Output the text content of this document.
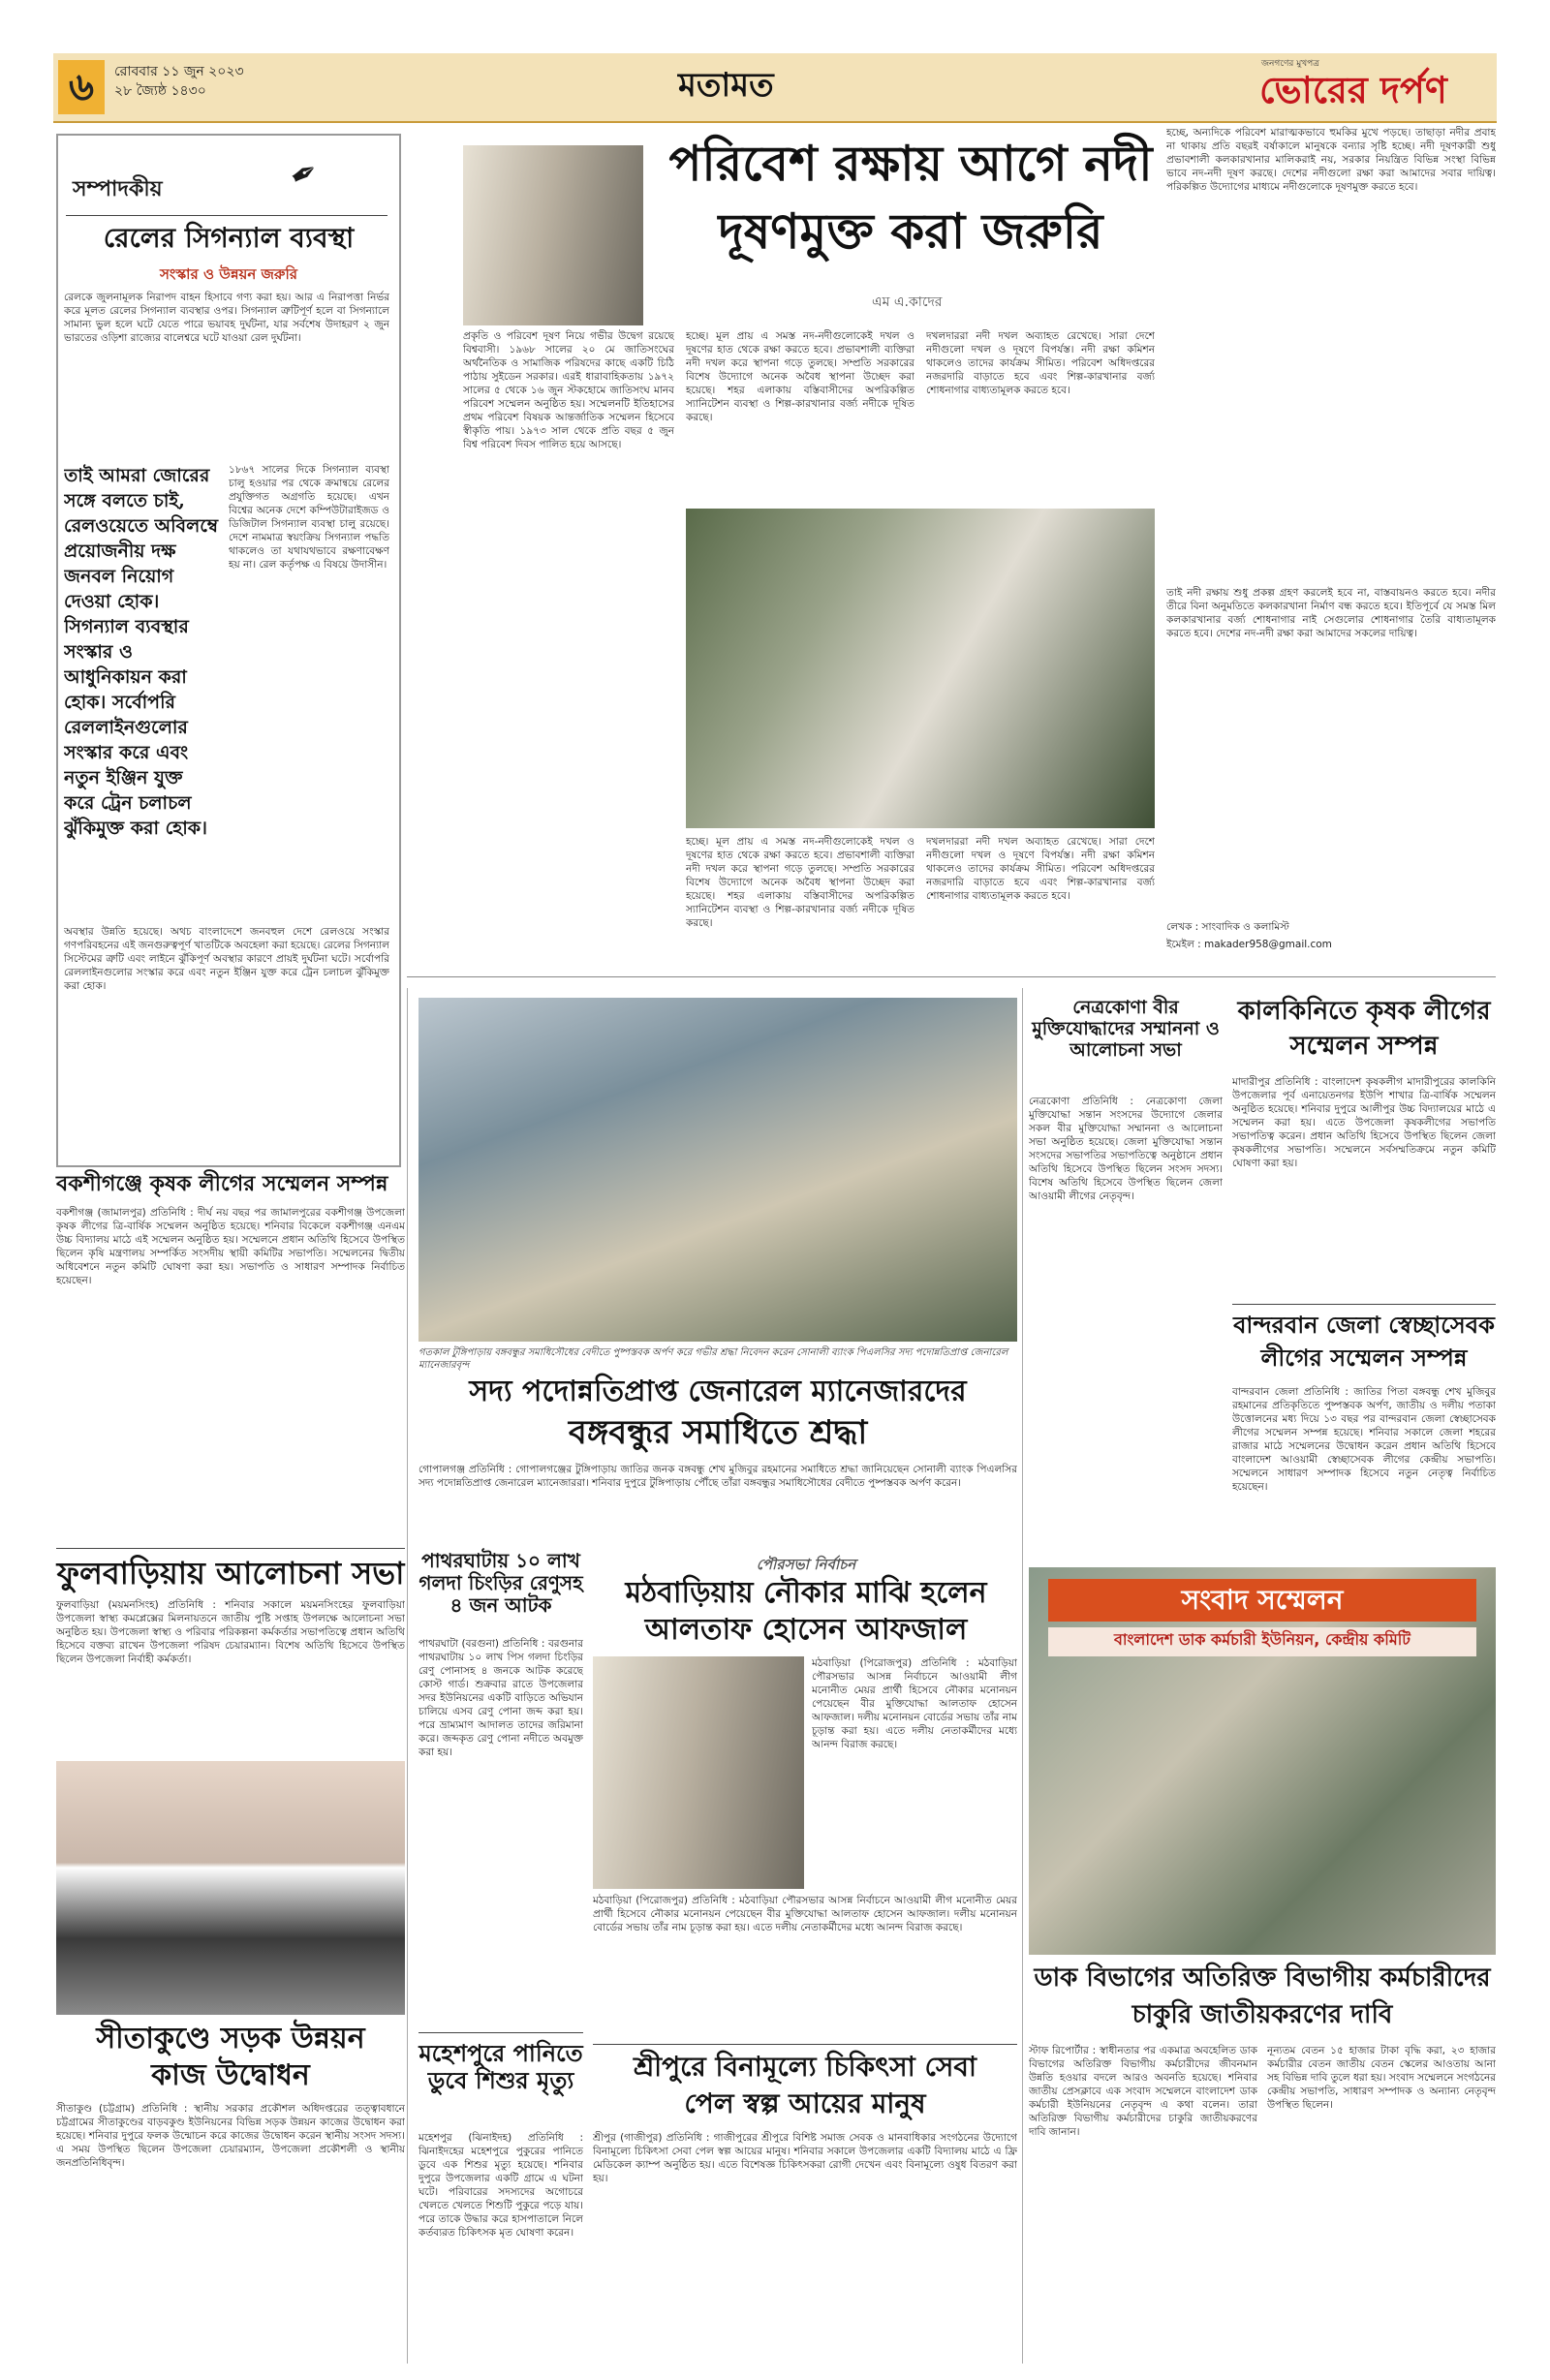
৬	রোববার ১১ জুন ২০২৩
২৮ জ্যৈষ্ঠ ১৪৩০	মতামত
জনগণের মুখপত্র
ভোরের দর্পণ
সম্পাদকীয়	✒
রেলের সিগন্যাল ব্যবস্থা
সংস্কার ও উন্নয়ন জরুরি
রেলকে জুলনামূলক নিরাপদ বাহন হিসাবে গণ্য করা হয়। আর এ নিরাপত্তা নির্ভর করে মূলত রেলের সিগন্যাল ব্যবস্থার ওপর। সিগন্যাল ত্রুটিপূর্ণ হলে বা সিগন্যালে সামান্য ভুল হলে ঘটে যেতে পারে ভয়াবহ দুর্ঘটনা, যার সর্বশেষ উদাহরণ ২ জুন ভারতের ওড়িশা রাজ্যের বালেশ্বরে ঘটে যাওয়া রেল দুর্ঘটনা।
তাই আমরা জোরের সঙ্গে বলতে চাই, রেলওয়েতে অবিলম্বে প্রয়োজনীয় দক্ষ জনবল নিয়োগ দেওয়া হোক। সিগন্যাল ব্যবস্থার সংস্কার ও আধুনিকায়ন করা হোক। সর্বোপরি রেললাইনগুলোর সংস্কার করে এবং নতুন ইঞ্জিন যুক্ত করে ট্রেন চলাচল ঝুঁকিমুক্ত করা হোক।
১৮৬৭ সালের দিকে সিগন্যাল ব্যবস্থা চালু হওয়ার পর থেকে ক্রমান্বয়ে রেলের প্রযুক্তিগত অগ্রগতি হয়েছে। এখন বিশ্বের অনেক দেশে কম্পিউটারাইজড ও ডিজিটাল সিগন্যাল ব্যবস্থা চালু রয়েছে। দেশে নামমাত্র স্বয়ংক্রিয় সিগন্যাল পদ্ধতি থাকলেও তা যথাযথভাবে রক্ষণাবেক্ষণ হয় না। রেল কর্তৃপক্ষ এ বিষয়ে উদাসীন।
অবস্থার উন্নতি হয়েছে। অথচ বাংলাদেশে জনবহুল দেশে রেলওয়ে সংস্কার গণপরিবহনের এই জনগুরুত্বপূর্ণ খাতটিকে অবহেলা করা হয়েছে। রেলের সিগন্যাল সিস্টেমের ত্রুটি এবং লাইনে ঝুঁকিপূর্ণ অবস্থার কারণে প্রায়ই দুর্ঘটনা ঘটে। সর্বোপরি রেললাইনগুলোর সংস্কার করে এবং নতুন ইঞ্জিন যুক্ত করে ট্রেন চলাচল ঝুঁকিমুক্ত করা হোক।
পরিবেশ রক্ষায় আগে নদী
দূষণমুক্ত করা জরুরি
এম এ.কাদের
প্রকৃতি ও পরিবেশ দূষণ নিয়ে গভীর উদ্বেগ রয়েছে বিশ্ববাসী। ১৯৬৮ সালের ২০ মে জাতিসংঘের অর্থনৈতিক ও সামাজিক পরিষদের কাছে একটি চিঠি পাঠায় সুইডেন সরকার। এরই ধারাবাহিকতায় ১৯৭২ সালের ৫ থেকে ১৬ জুন স্টকহোমে জাতিসংঘ মানব পরিবেশ সম্মেলন অনুষ্ঠিত হয়। সম্মেলনটি ইতিহাসের প্রথম পরিবেশ বিষয়ক আন্তর্জাতিক সম্মেলন হিসেবে স্বীকৃতি পায়। ১৯৭৩ সাল থেকে প্রতি বছর ৫ জুন বিশ্ব পরিবেশ দিবস পালিত হয়ে আসছে।
হচ্ছে। মূল প্রায় এ সমস্ত নদ-নদীগুলোকেই দখল ও দূষণের হাত থেকে রক্ষা করতে হবে। প্রভাবশালী ব্যক্তিরা নদী দখল করে স্থাপনা গড়ে তুলছে। সম্প্রতি সরকারের বিশেষ উদ্যোগে অনেক অবৈধ স্থাপনা উচ্ছেদ করা হয়েছে। শহর এলাকায় বস্তিবাসীদের অপরিকল্পিত স্যানিটেশন ব্যবস্থা ও শিল্প-কারখানার বর্জ্য নদীকে দূষিত করছে।
দখলদাররা নদী দখল অব্যাহত রেখেছে। সারা দেশে নদীগুলো দখল ও দূষণে বিপর্যস্ত। নদী রক্ষা কমিশন থাকলেও তাদের কার্যক্রম সীমিত। পরিবেশ অধিদপ্তরের নজরদারি বাড়াতে হবে এবং শিল্প-কারখানার বর্জ্য শোধনাগার বাধ্যতামূলক করতে হবে।
হচ্ছে। মূল প্রায় এ সমস্ত নদ-নদীগুলোকেই দখল ও দূষণের হাত থেকে রক্ষা করতে হবে। প্রভাবশালী ব্যক্তিরা নদী দখল করে স্থাপনা গড়ে তুলছে। সম্প্রতি সরকারের বিশেষ উদ্যোগে অনেক অবৈধ স্থাপনা উচ্ছেদ করা হয়েছে। শহর এলাকায় বস্তিবাসীদের অপরিকল্পিত স্যানিটেশন ব্যবস্থা ও শিল্প-কারখানার বর্জ্য নদীকে দূষিত করছে।
দখলদাররা নদী দখল অব্যাহত রেখেছে। সারা দেশে নদীগুলো দখল ও দূষণে বিপর্যস্ত। নদী রক্ষা কমিশন থাকলেও তাদের কার্যক্রম সীমিত। পরিবেশ অধিদপ্তরের নজরদারি বাড়াতে হবে এবং শিল্প-কারখানার বর্জ্য শোধনাগার বাধ্যতামূলক করতে হবে।
হচ্ছে, অন্যদিকে পরিবেশ মারাত্মকভাবে হুমকির মুখে পড়ছে। তাছাড়া নদীর প্রবাহ না থাকায় প্রতি বছরই বর্ষাকালে মানুষকে বন্যার সৃষ্টি হচ্ছে। নদী দূষণকারী শুধু প্রভাবশালী কলকারখানার মালিকরাই নয়, সরকার নিয়ন্ত্রিত বিভিন্ন সংস্থা বিভিন্ন ভাবে নদ-নদী দূষণ করছে। দেশের নদীগুলো রক্ষা করা আমাদের সবার দায়িত্ব। পরিকল্পিত উদ্যোগের মাধ্যমে নদীগুলোকে দূষণমুক্ত করতে হবে।
তাই নদী রক্ষায় শুধু প্রকল্প গ্রহণ করলেই হবে না, বাস্তবায়নও করতে হবে। নদীর তীরে বিনা অনুমতিতে কলকারখানা নির্মাণ বন্ধ করতে হবে। ইতিপূর্বে যে সমস্ত মিল কলকারখানার বর্জ্য শোধনাগার নাই সেগুলোর শোধনাগার তৈরি বাধ্যতামূলক করতে হবে। দেশের নদ-নদী রক্ষা করা আমাদের সকলের দায়িত্ব।
লেখক : সাংবাদিক ও কলামিস্ট
ইমেইল : makader958@gmail.com
বকশীগঞ্জে কৃষক লীগের সম্মেলন সম্পন্ন
বকশীগঞ্জ (জামালপুর) প্রতিনিধি : দীর্ঘ নয় বছর পর জামালপুরের বকশীগঞ্জ উপজেলা কৃষক লীগের ত্রি-বার্ষিক সম্মেলন অনুষ্ঠিত হয়েছে। শনিবার বিকেলে বকশীগঞ্জ এনএম উচ্চ বিদ্যালয় মাঠে এই সম্মেলন অনুষ্ঠিত হয়। সম্মেলনে প্রধান অতিথি হিসেবে উপস্থিত ছিলেন কৃষি মন্ত্রণালয় সম্পর্কিত সংসদীয় স্থায়ী কমিটির সভাপতি। সম্মেলনের দ্বিতীয় অধিবেশনে নতুন কমিটি ঘোষণা করা হয়। সভাপতি ও সাধারণ সম্পাদক নির্বাচিত হয়েছেন।
ফুলবাড়িয়ায় আলোচনা সভা
ফুলবাড়িয়া (ময়মনসিংহ) প্রতিনিধি : শনিবার সকালে ময়মনসিংহের ফুলবাড়িয়া উপজেলা স্বাস্থ্য কমপ্লেক্সের মিলনায়তনে জাতীয় পুষ্টি সপ্তাহ উপলক্ষে আলোচনা সভা অনুষ্ঠিত হয়। উপজেলা স্বাস্থ্য ও পরিবার পরিকল্পনা কর্মকর্তার সভাপতিত্বে প্রধান অতিথি হিসেবে বক্তব্য রাখেন উপজেলা পরিষদ চেয়ারম্যান। বিশেষ অতিথি হিসেবে উপস্থিত ছিলেন উপজেলা নির্বাহী কর্মকর্তা।
সীতাকুণ্ডে সড়ক উন্নয়ন
কাজ উদ্বোধন
সীতাকুণ্ড (চট্টগ্রাম) প্রতিনিধি : স্থানীয় সরকার প্রকৌশল অধিদপ্তরের তত্ত্বাবধানে চট্টগ্রামের সীতাকুণ্ডের বাড়বকুণ্ড ইউনিয়নের বিভিন্ন সড়ক উন্নয়ন কাজের উদ্বোধন করা হয়েছে। শনিবার দুপুরে ফলক উন্মোচন করে কাজের উদ্বোধন করেন স্থানীয় সংসদ সদস্য। এ সময় উপস্থিত ছিলেন উপজেলা চেয়ারম্যান, উপজেলা প্রকৌশলী ও স্থানীয় জনপ্রতিনিধিবৃন্দ।
গতকাল টুঙ্গিপাড়ায় বঙ্গবন্ধুর সমাধিসৌধের বেদীতে পুষ্পস্তবক অর্পণ করে গভীর শ্রদ্ধা নিবেদন করেন সোনালী ব্যাংক পিএলসির সদ্য পদোন্নতিপ্রাপ্ত জেনারেল ম্যানেজারবৃন্দ
সদ্য পদোন্নতিপ্রাপ্ত জেনারেল ম্যানেজারদের
বঙ্গবন্ধুর সমাধিতে শ্রদ্ধা
গোপালগঞ্জ প্রতিনিধি : গোপালগঞ্জের টুঙ্গিপাড়ায় জাতির জনক বঙ্গবন্ধু শেখ মুজিবুর রহমানের সমাধিতে শ্রদ্ধা জানিয়েছেন সোনালী ব্যাংক পিএলসির সদ্য পদোন্নতিপ্রাপ্ত জেনারেল ম্যানেজাররা। শনিবার দুপুরে টুঙ্গিপাড়ায় পৌঁছে তাঁরা বঙ্গবন্ধুর সমাধিসৌধের বেদীতে পুষ্পস্তবক অর্পণ করেন।
পাথরঘাটায় ১০ লাখ গলদা চিংড়ির রেণুসহ ৪ জন আটক
পাথরঘাটা (বরগুনা) প্রতিনিধি : বরগুনার পাথরঘাটায় ১০ লাখ পিস গলদা চিংড়ির রেণু পোনাসহ ৪ জনকে আটক করেছে কোস্ট গার্ড। শুক্রবার রাতে উপজেলার সদর ইউনিয়নের একটি বাড়িতে অভিযান চালিয়ে এসব রেণু পোনা জব্দ করা হয়। পরে ভ্রাম্যমাণ আদালত তাদের জরিমানা করে। জব্দকৃত রেণু পোনা নদীতে অবমুক্ত করা হয়।
মহেশপুরে পানিতে ডুবে শিশুর মৃত্যু
মহেশপুর (ঝিনাইদহ) প্রতিনিধি : ঝিনাইদহের মহেশপুরে পুকুরের পানিতে ডুবে এক শিশুর মৃত্যু হয়েছে। শনিবার দুপুরে উপজেলার একটি গ্রামে এ ঘটনা ঘটে। পরিবারের সদস্যদের অগোচরে খেলতে খেলতে শিশুটি পুকুরে পড়ে যায়। পরে তাকে উদ্ধার করে হাসপাতালে নিলে কর্তব্যরত চিকিৎসক মৃত ঘোষণা করেন।
পৌরসভা নির্বাচন
মঠবাড়িয়ায় নৌকার মাঝি হলেন
আলতাফ হোসেন আফজাল
মঠবাড়িয়া (পিরোজপুর) প্রতিনিধি : মঠবাড়িয়া পৌরসভার আসন্ন নির্বাচনে আওয়ামী লীগ মনোনীত মেয়র প্রার্থী হিসেবে নৌকার মনোনয়ন পেয়েছেন বীর মুক্তিযোদ্ধা আলতাফ হোসেন আফজাল। দলীয় মনোনয়ন বোর্ডের সভায় তাঁর নাম চূড়ান্ত করা হয়। এতে দলীয় নেতাকর্মীদের মধ্যে আনন্দ বিরাজ করছে।
মঠবাড়িয়া (পিরোজপুর) প্রতিনিধি : মঠবাড়িয়া পৌরসভার আসন্ন নির্বাচনে আওয়ামী লীগ মনোনীত মেয়র প্রার্থী হিসেবে নৌকার মনোনয়ন পেয়েছেন বীর মুক্তিযোদ্ধা আলতাফ হোসেন আফজাল। দলীয় মনোনয়ন বোর্ডের সভায় তাঁর নাম চূড়ান্ত করা হয়। এতে দলীয় নেতাকর্মীদের মধ্যে আনন্দ বিরাজ করছে।
শ্রীপুরে বিনামূল্যে চিকিৎসা সেবা
পেল স্বল্প আয়ের মানুষ
শ্রীপুর (গাজীপুর) প্রতিনিধি : গাজীপুরের শ্রীপুরে বিশিষ্ট সমাজ সেবক ও মানবাধিকার সংগঠনের উদ্যোগে বিনামূল্যে চিকিৎসা সেবা পেল স্বল্প আয়ের মানুষ। শনিবার সকালে উপজেলার একটি বিদ্যালয় মাঠে এ ফ্রি মেডিকেল ক্যাম্প অনুষ্ঠিত হয়। এতে বিশেষজ্ঞ চিকিৎসকরা রোগী দেখেন এবং বিনামূল্যে ওষুধ বিতরণ করা হয়।
নেত্রকোণা বীর মুক্তিযোদ্ধাদের সম্মাননা ও আলোচনা সভা
নেত্রকোণা প্রতিনিধি : নেত্রকোণা জেলা মুক্তিযোদ্ধা সন্তান সংসদের উদ্যোগে জেলার সকল বীর মুক্তিযোদ্ধা সম্মাননা ও আলোচনা সভা অনুষ্ঠিত হয়েছে। জেলা মুক্তিযোদ্ধা সন্তান সংসদের সভাপতির সভাপতিত্বে অনুষ্ঠানে প্রধান অতিথি হিসেবে উপস্থিত ছিলেন সংসদ সদস্য। বিশেষ অতিথি হিসেবে উপস্থিত ছিলেন জেলা আওয়ামী লীগের নেতৃবৃন্দ।
কালকিনিতে কৃষক লীগের
সম্মেলন সম্পন্ন
মাদারীপুর প্রতিনিধি : বাংলাদেশ কৃষকলীগ মাদারীপুরের কালকিনি উপজেলার পূর্ব এনায়েতনগর ইউপি শাখার ত্রি-বার্ষিক সম্মেলন অনুষ্ঠিত হয়েছে। শনিবার দুপুরে আলীপুর উচ্চ বিদ্যালয়ের মাঠে এ সম্মেলন করা হয়। এতে উপজেলা কৃষকলীগের সভাপতি সভাপতিত্ব করেন। প্রধান অতিথি হিসেবে উপস্থিত ছিলেন জেলা কৃষকলীগের সভাপতি। সম্মেলনে সর্বসম্মতিক্রমে নতুন কমিটি ঘোষণা করা হয়।
বান্দরবান জেলা স্বেচ্ছাসেবক
লীগের সম্মেলন সম্পন্ন
বান্দরবান জেলা প্রতিনিধি : জাতির পিতা বঙ্গবন্ধু শেখ মুজিবুর রহমানের প্রতিকৃতিতে পুষ্পস্তবক অর্পণ, জাতীয় ও দলীয় পতাকা উত্তোলনের মধ্য দিয়ে ১৩ বছর পর বান্দরবান জেলা স্বেচ্ছাসেবক লীগের সম্মেলন সম্পন্ন হয়েছে। শনিবার সকালে জেলা শহরের রাজার মাঠে সম্মেলনের উদ্বোধন করেন প্রধান অতিথি হিসেবে বাংলাদেশ আওয়ামী স্বেচ্ছাসেবক লীগের কেন্দ্রীয় সভাপতি। সম্মেলনে সাধারণ সম্পাদক হিসেবে নতুন নেতৃত্ব নির্বাচিত হয়েছেন।
সংবাদ সম্মেলন
বাংলাদেশ ডাক কর্মচারী ইউনিয়ন, কেন্দ্রীয় কমিটি
ডাক বিভাগের অতিরিক্ত বিভাগীয় কর্মচারীদের
চাকুরি জাতীয়করণের দাবি
স্টাফ রিপোর্টার : স্বাধীনতার পর একমাত্র অবহেলিত ডাক বিভাগের অতিরিক্ত বিভাগীয় কর্মচারীদের জীবনমান উন্নতি হওয়ার বদলে আরও অবনতি হয়েছে। শনিবার জাতীয় প্রেসক্লাবে এক সংবাদ সম্মেলনে বাংলাদেশ ডাক কর্মচারী ইউনিয়নের নেতৃবৃন্দ এ কথা বলেন। তারা অতিরিক্ত বিভাগীয় কর্মচারীদের চাকুরি জাতীয়করণের দাবি জানান।
নূন্যতম বেতন ১৫ হাজার টাকা বৃদ্ধি করা, ২৩ হাজার কর্মচারীর বেতন জাতীয় বেতন স্কেলের আওতায় আনা সহ বিভিন্ন দাবি তুলে ধরা হয়। সংবাদ সম্মেলনে সংগঠনের কেন্দ্রীয় সভাপতি, সাধারণ সম্পাদক ও অন্যান্য নেতৃবৃন্দ উপস্থিত ছিলেন।
